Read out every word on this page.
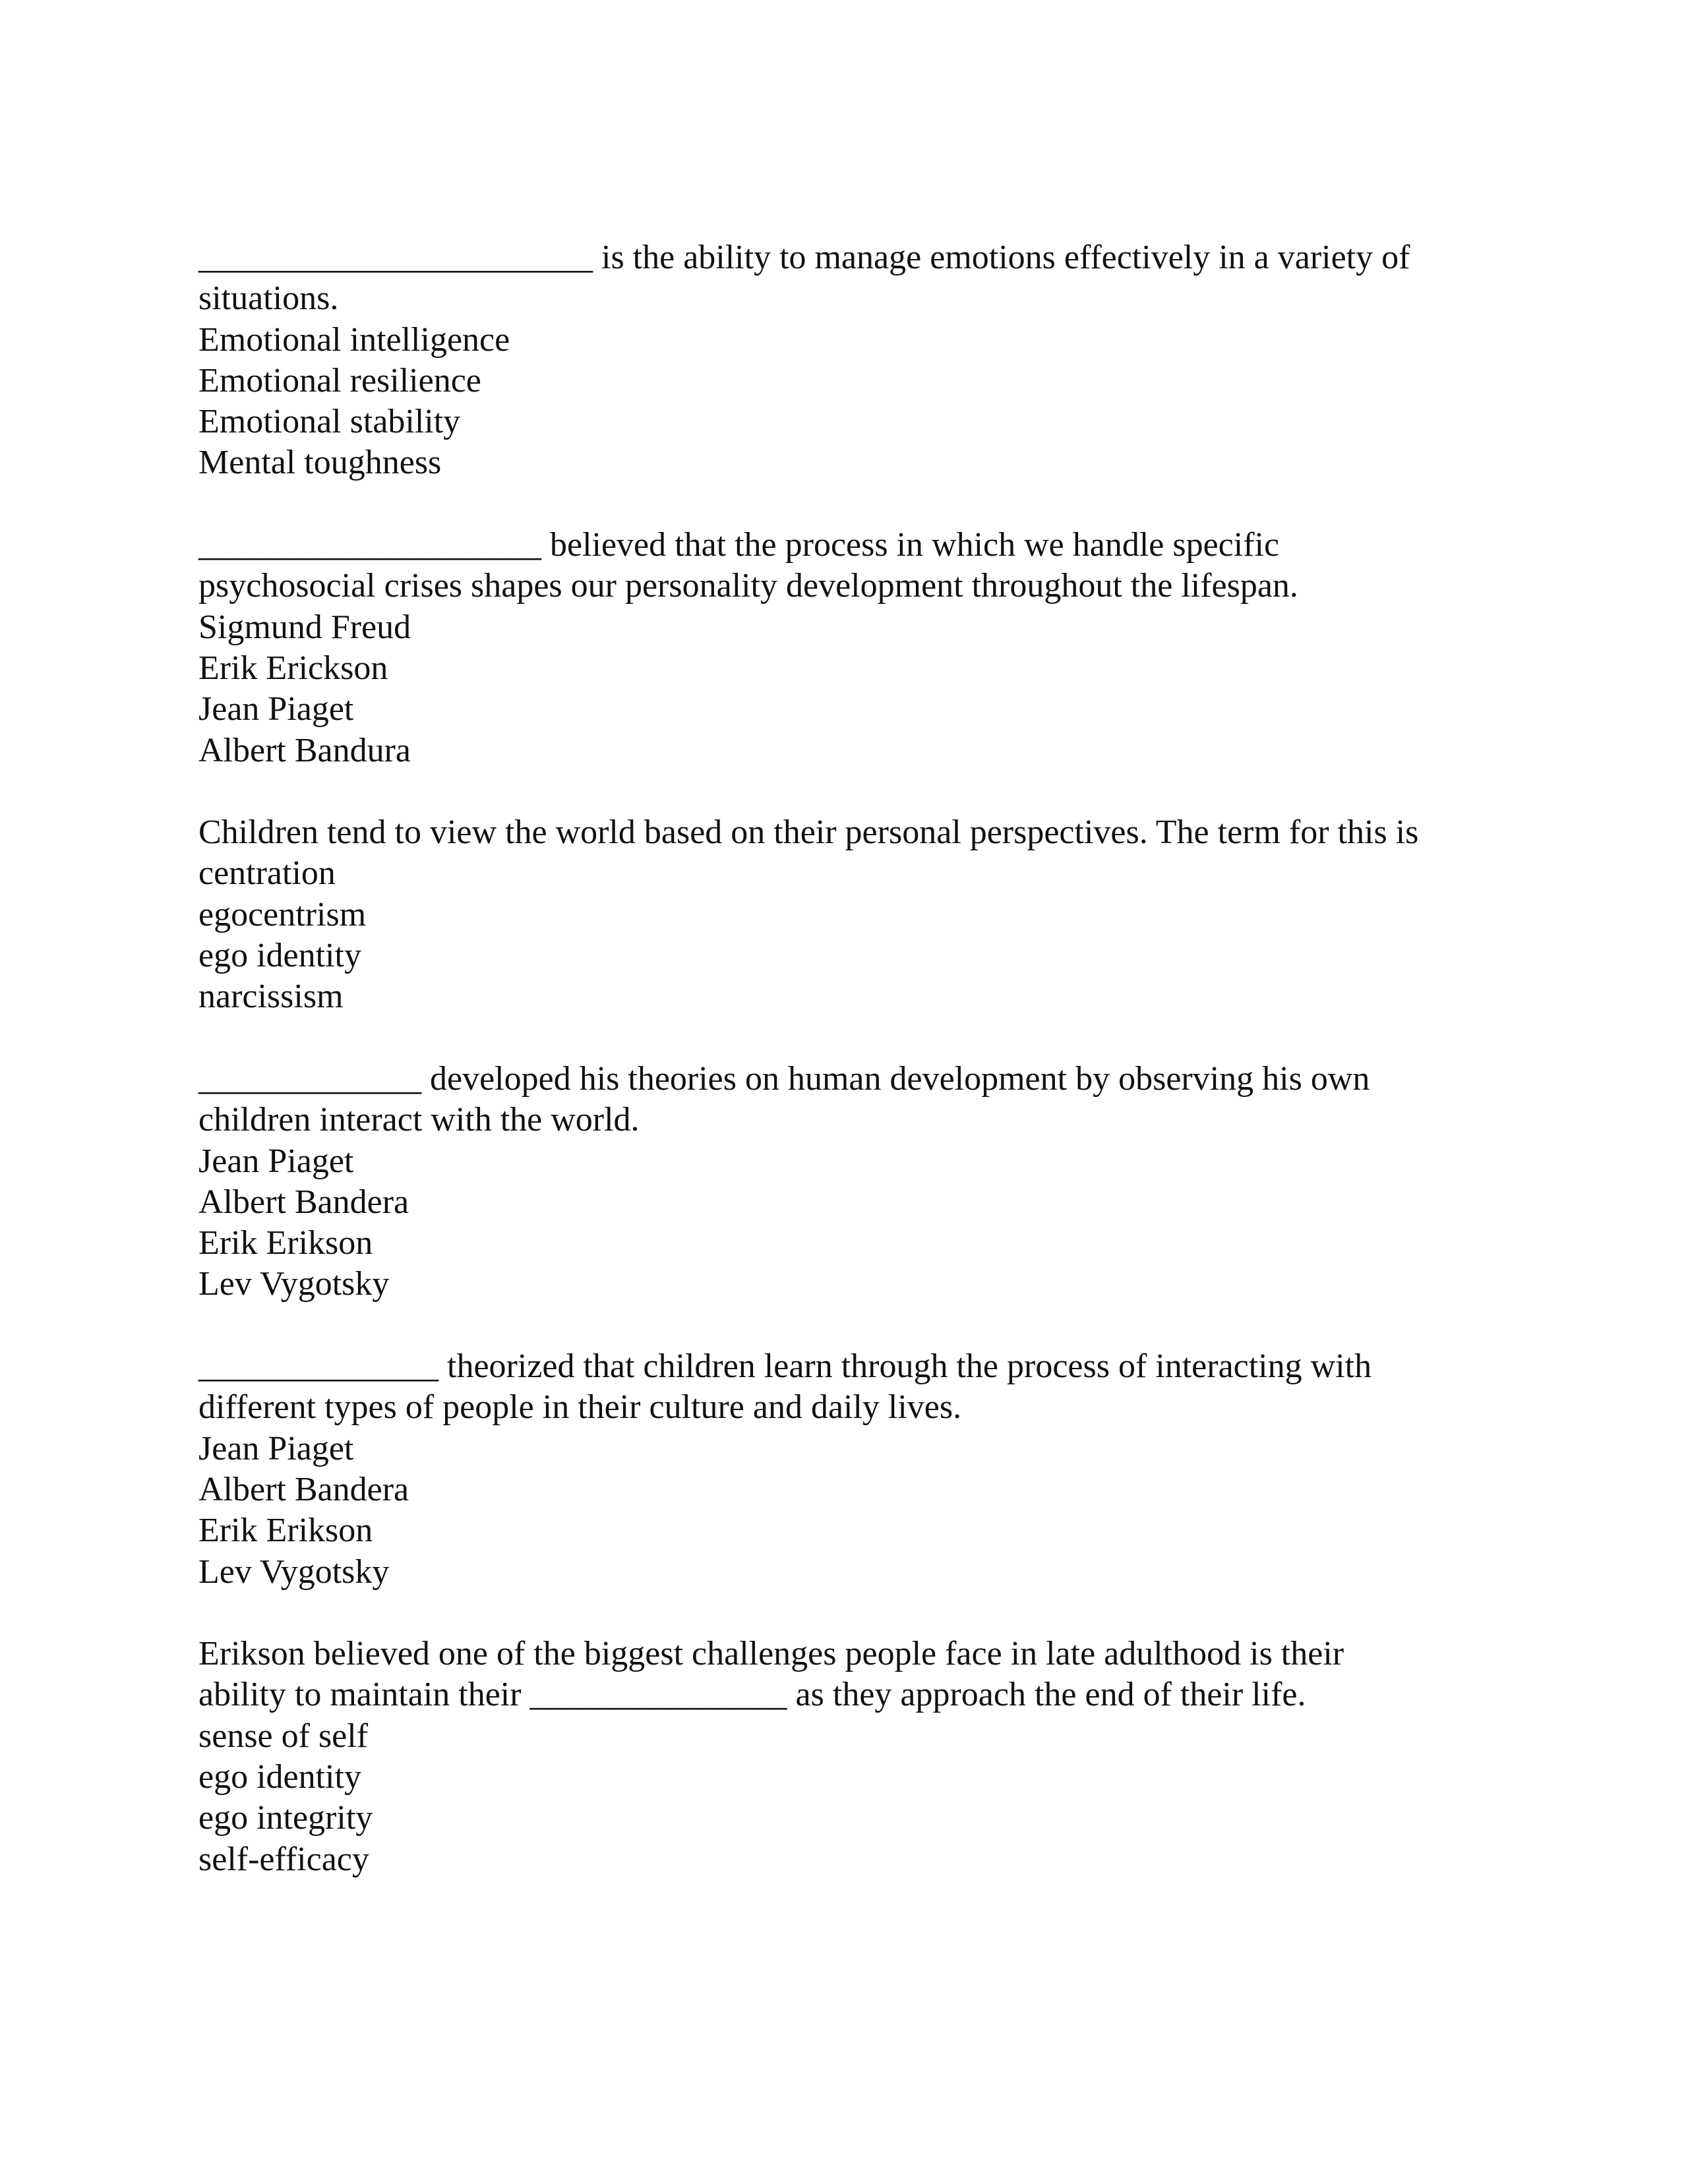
_______________________ is the ability to manage emotions effectively in a variety of
situations.
Emotional intelligence
Emotional resilience
Emotional stability
Mental toughness
____________________ believed that the process in which we handle specific
psychosocial crises shapes our personality development throughout the lifespan.
Sigmund Freud
Erik Erickson
Jean Piaget
Albert Bandura
Children tend to view the world based on their personal perspectives. The term for this is
centration
egocentrism
ego identity
narcissism
_____________ developed his theories on human development by observing his own
children interact with the world.
Jean Piaget
Albert Bandera
Erik Erikson
Lev Vygotsky
______________ theorized that children learn through the process of interacting with
different types of people in their culture and daily lives.
Jean Piaget
Albert Bandera
Erik Erikson
Lev Vygotsky
Erikson believed one of the biggest challenges people face in late adulthood is their
ability to maintain their _______________ as they approach the end of their life.
sense of self
ego identity
ego integrity
self-efficacy
